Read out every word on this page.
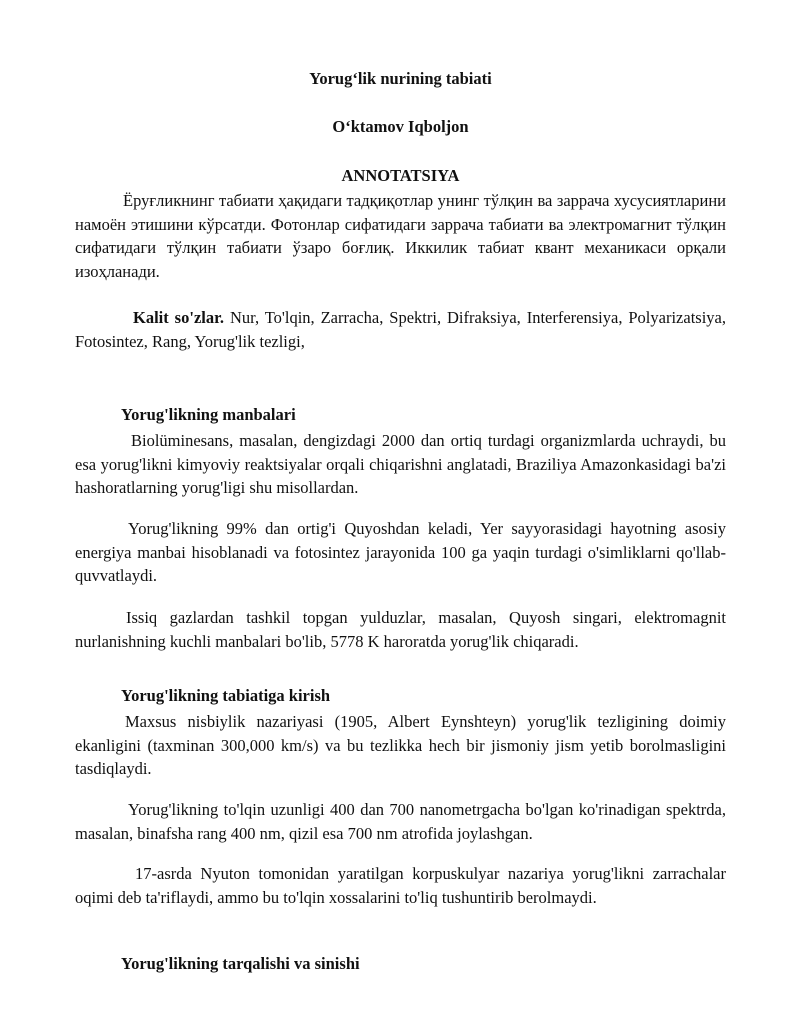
Yorug‘lik nurining tabiati

O‘ktamov Iqboljon

ANNOTATSIYA

Ёруғликнинг табиати ҳақидаги тадқиқотлар унинг тўлқин ва заррача хусусиятларини намоён этишини кўрсатди. Фотонлар сифатидаги заррача табиати ва электромагнит тўлқин сифатидаги тўлқин табиати ўзаро боғлиқ. Иккилик табиат квант механикаси орқали изоҳланади.

Kalit so'zlar. Nur, To'lqin, Zarracha, Spektri, Difraksiya, Interferensiya, Polyarizatsiya, Fotosintez, Rang, Yorug'lik tezligi,

Yorug'likning manbalari

Biolüminesans, masalan, dengizdagi 2000 dan ortiq turdagi organizmlarda uchraydi, bu esa yorug'likni kimyoviy reaktsiyalar orqali chiqarishni anglatadi, Braziliya Amazonkasidagi ba'zi hashoratlarning yorug'ligi shu misollardan.

Yorug'likning 99% dan ortig'i Quyoshdan keladi, Yer sayyorasidagi hayotning asosiy energiya manbai hisoblanadi va fotosintez jarayonida 100 ga yaqin turdagi o'simliklarni qo'llab-quvvatlaydi.

Issiq gazlardan tashkil topgan yulduzlar, masalan, Quyosh singari, elektromagnit nurlanishning kuchli manbalari bo'lib, 5778 K haroratda yorug'lik chiqaradi.

Yorug'likning tabiatiga kirish

Maxsus nisbiylik nazariyasi (1905, Albert Eynshteyn) yorug'lik tezligining doimiy ekanligini (taxminan 300,000 km/s) va bu tezlikka hech bir jismoniy jism yetib borolmasligini tasdiqlaydi.

Yorug'likning to'lqin uzunligi 400 dan 700 nanometrgacha bo'lgan ko'rinadigan spektrda, masalan, binafsha rang 400 nm, qizil esa 700 nm atrofida joylashgan.

17-asrda Nyuton tomonidan yaratilgan korpuskulyar nazariya yorug'likni zarrachalar oqimi deb ta'riflaydi, ammo bu to'lqin xossalarini to'liq tushuntirib berolmaydi.

Yorug'likning tarqalishi va sinishi
